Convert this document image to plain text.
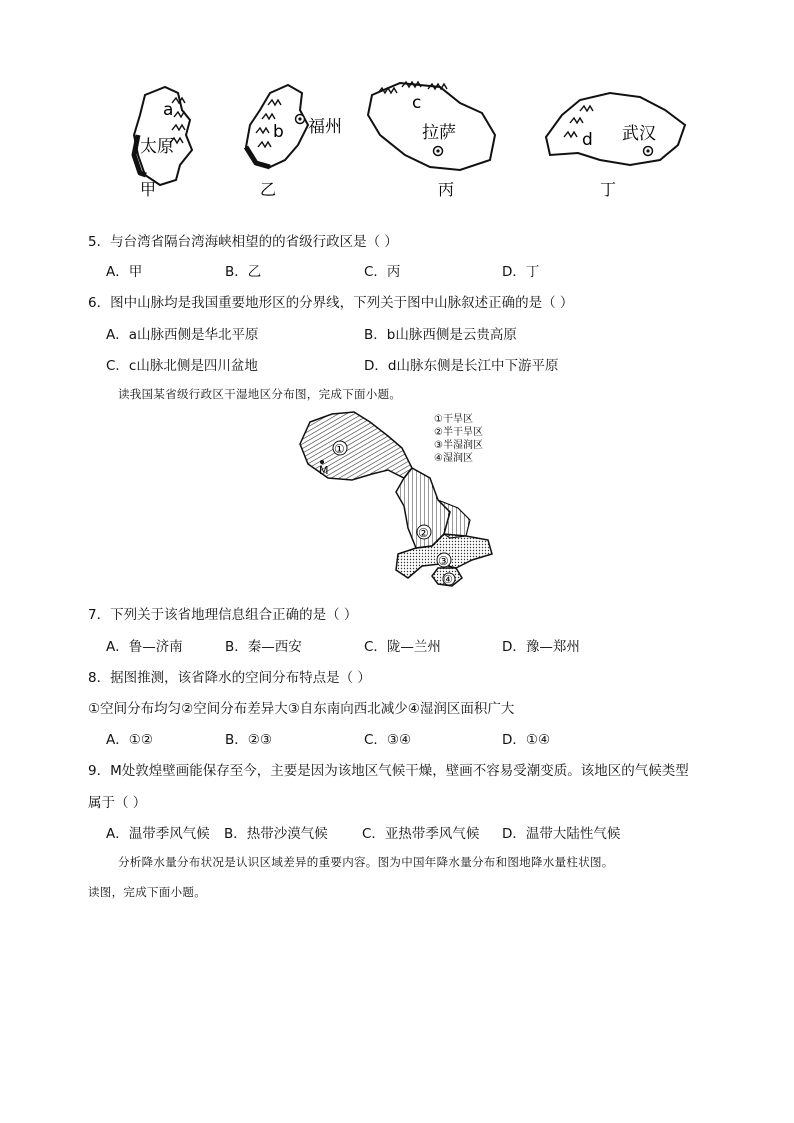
a
太原
甲
b 福州
乙
c
拉萨
丙
d 武汉
丁
5．与台湾省隔台湾海峡相望的的省级行政区是（ ）
A．甲	B．乙	C．丙	D．丁
6．图中山脉均是我国重要地形区的分界线，下列关于图中山脉叙述正确的是（ ）
A．a山脉西侧是华北平原	B．b山脉西侧是云贵高原
C．c山脉北侧是四川盆地	D．d山脉东侧是长江中下游平原
读我国某省级行政区干湿地区分布图，完成下面小题。
①
②
③
④
M
①干旱区
②半干旱区
③半湿润区
④湿润区
7．下列关于该省地理信息组合正确的是（ ）
A．鲁—济南	B．秦—西安	C．陇—兰州	D．豫—郑州
8．据图推测，该省降水的空间分布特点是（ ）
①空间分布均匀②空间分布差异大③自东南向西北减少④湿润区面积广大
A．①②	B．②③	C．③④	D．①④
9．M处敦煌壁画能保存至今，主要是因为该地区气候干燥，壁画不容易受潮变质。该地区的气候类型
属于（ ）
A．温带季风气候 B．热带沙漠气候	C．亚热带季风气候 D．温带大陆性气候
分析降水量分布状况是认识区域差异的重要内容。图为中国年降水量分布和图地降水量柱状图。
读图，完成下面小题。
